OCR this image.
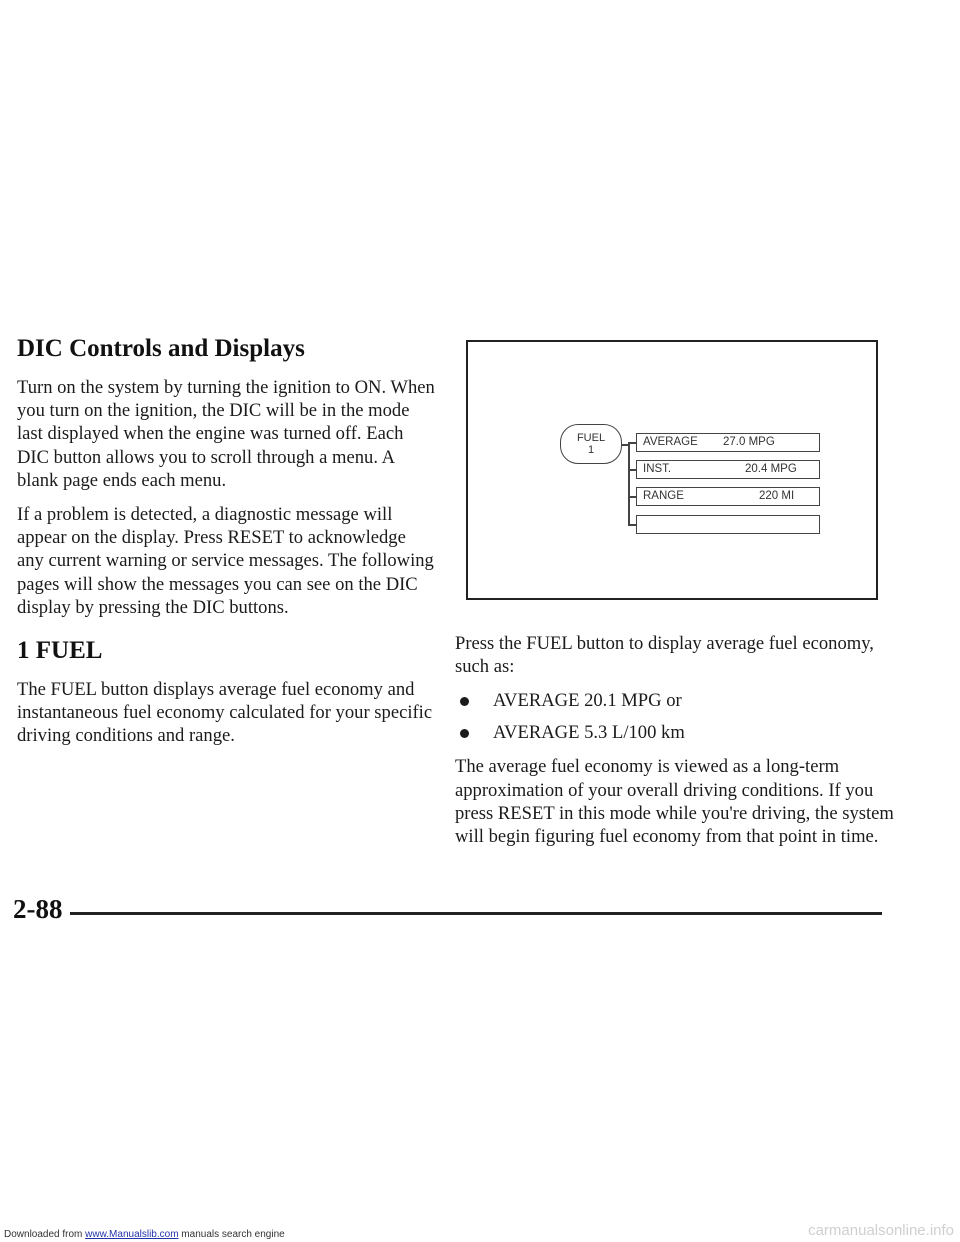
DIC Controls and Displays

Turn on the system by turning the ignition to ON. When you turn on the ignition, the DIC will be in the mode last displayed when the engine was turned off. Each DIC button allows you to scroll through a menu. A blank page ends each menu.

If a problem is detected, a diagnostic message will appear on the display. Press RESET to acknowledge any current warning or service messages. The following pages will show the messages you can see on the DIC display by pressing the DIC buttons.

1 FUEL

The FUEL button displays average fuel economy and instantaneous fuel economy calculated for your specific driving conditions and range.

FUEL
1
AVERAGE 27.0 MPG
INST.	20.4 MPG
RANGE	220 MI

Press the FUEL button to display average fuel economy, such as:

AVERAGE 20.1 MPG or
AVERAGE 5.3 L/100 km

The average fuel economy is viewed as a long-term approximation of your overall driving conditions. If you press RESET in this mode while you're driving, the system will begin figuring fuel economy from that point in time.

2-88

Downloaded from www.Manualslib.com manuals search engine	carmanualsonline.info
